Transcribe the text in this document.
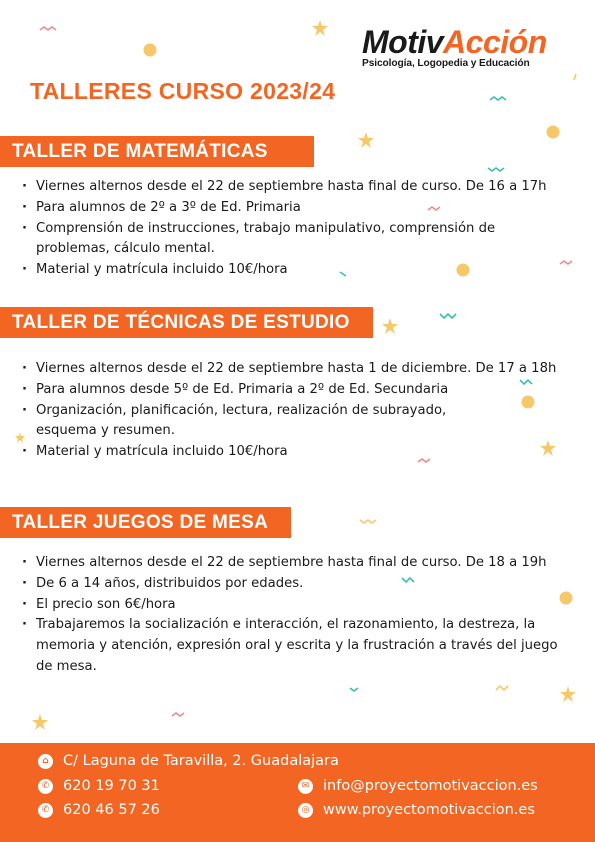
MotivAcción
Psicología, Logopedia y Educación
TALLERES CURSO 2023/24
TALLER DE MATEMÁTICAS
· Viernes alternos desde el 22 de septiembre hasta final de curso. De 16 a 17h
· Para alumnos de 2º a 3º de Ed. Primaria
· Comprensión de instrucciones, trabajo manipulativo, comprensión de problemas, cálculo mental.
· Material y matrícula incluido 10€/hora
TALLER DE TÉCNICAS DE ESTUDIO
· Viernes alternos desde el 22 de septiembre hasta 1 de diciembre. De 17 a 18h
· Para alumnos desde 5º de Ed. Primaria a 2º de Ed. Secundaria
· Organización, planificación, lectura, realización de subrayado, esquema y resumen.
· Material y matrícula incluido 10€/hora
TALLER JUEGOS DE MESA
· Viernes alternos desde el 22 de septiembre hasta final de curso. De 18 a 19h
· De 6 a 14 años, distribuidos por edades.
· El precio son 6€/hora
· Trabajaremos la socialización e interacción, el razonamiento, la destreza, la memoria y atención, expresión oral y escrita y la frustración a través del juego de mesa.
⌂ C/ Laguna de Taravilla, 2. Guadalajara
✆ 620 19 70 31
✆ 620 46 57 26
✉ info@proyectomotivaccion.es
◎ www.proyectomotivaccion.es
